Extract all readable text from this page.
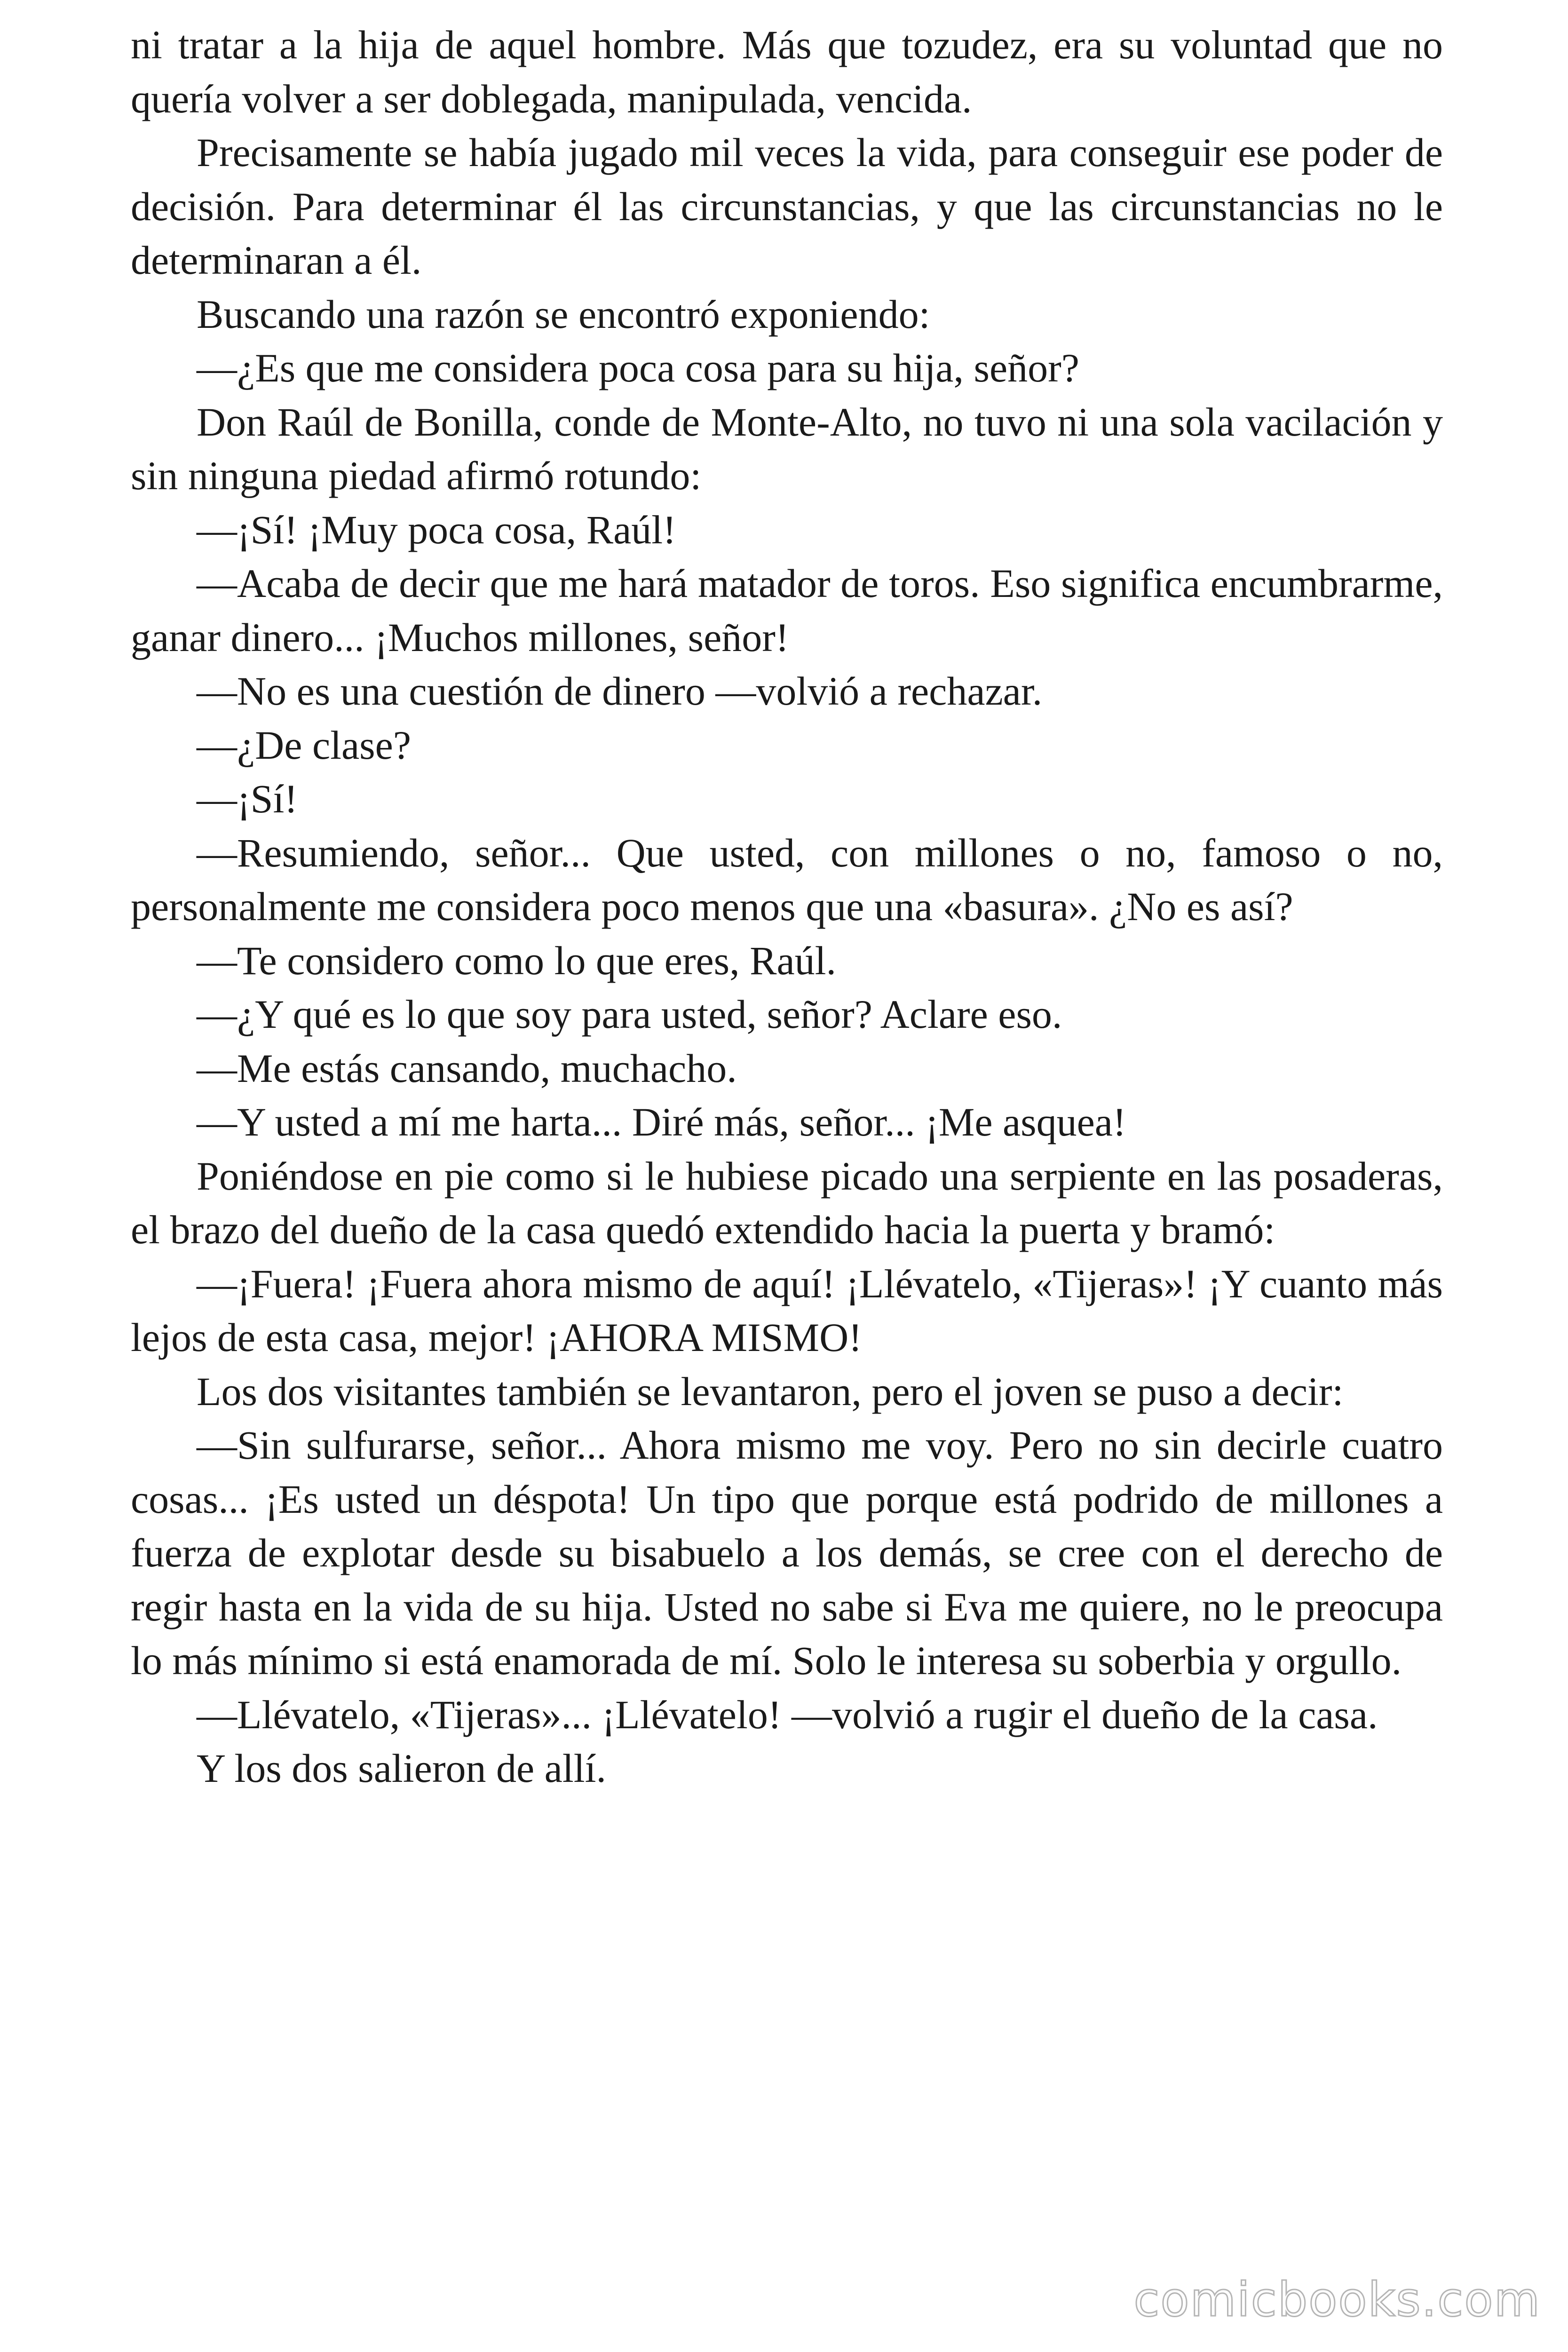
ni tratar a la hija de aquel hombre. Más que tozudez, era su voluntad que no quería volver a ser doblegada, manipulada, vencida.

Precisamente se había jugado mil veces la vida, para conseguir ese poder de decisión. Para determinar él las circunstancias, y que las circunstancias no le determinaran a él.

Buscando una razón se encontró exponiendo:

—¿Es que me considera poca cosa para su hija, señor?

Don Raúl de Bonilla, conde de Monte-Alto, no tuvo ni una sola vacilación y sin ninguna piedad afirmó rotundo:

—¡Sí! ¡Muy poca cosa, Raúl!

—Acaba de decir que me hará matador de toros. Eso significa encumbrarme, ganar dinero... ¡Muchos millones, señor!

—No es una cuestión de dinero —volvió a rechazar.

—¿De clase?

—¡Sí!

—Resumiendo, señor... Que usted, con millones o no, famoso o no, personalmente me considera poco menos que una «basura». ¿No es así?

—Te considero como lo que eres, Raúl.

—¿Y qué es lo que soy para usted, señor? Aclare eso.

—Me estás cansando, muchacho.

—Y usted a mí me harta... Diré más, señor... ¡Me asquea!

Poniéndose en pie como si le hubiese picado una serpiente en las posaderas, el brazo del dueño de la casa quedó extendido hacia la puerta y bramó:

—¡Fuera! ¡Fuera ahora mismo de aquí! ¡Llévatelo, «Tijeras»! ¡Y cuanto más lejos de esta casa, mejor! ¡AHORA MISMO!

Los dos visitantes también se levantaron, pero el joven se puso a decir:

—Sin sulfurarse, señor... Ahora mismo me voy. Pero no sin decirle cuatro cosas... ¡Es usted un déspota! Un tipo que porque está podrido de millones a fuerza de explotar desde su bisabuelo a los demás, se cree con el derecho de regir hasta en la vida de su hija. Usted no sabe si Eva me quiere, no le preocupa lo más mínimo si está enamorada de mí. Solo le interesa su soberbia y orgullo.

—Llévatelo, «Tijeras»... ¡Llévatelo! —volvió a rugir el dueño de la casa.

Y los dos salieron de allí.

comicbooks.com
